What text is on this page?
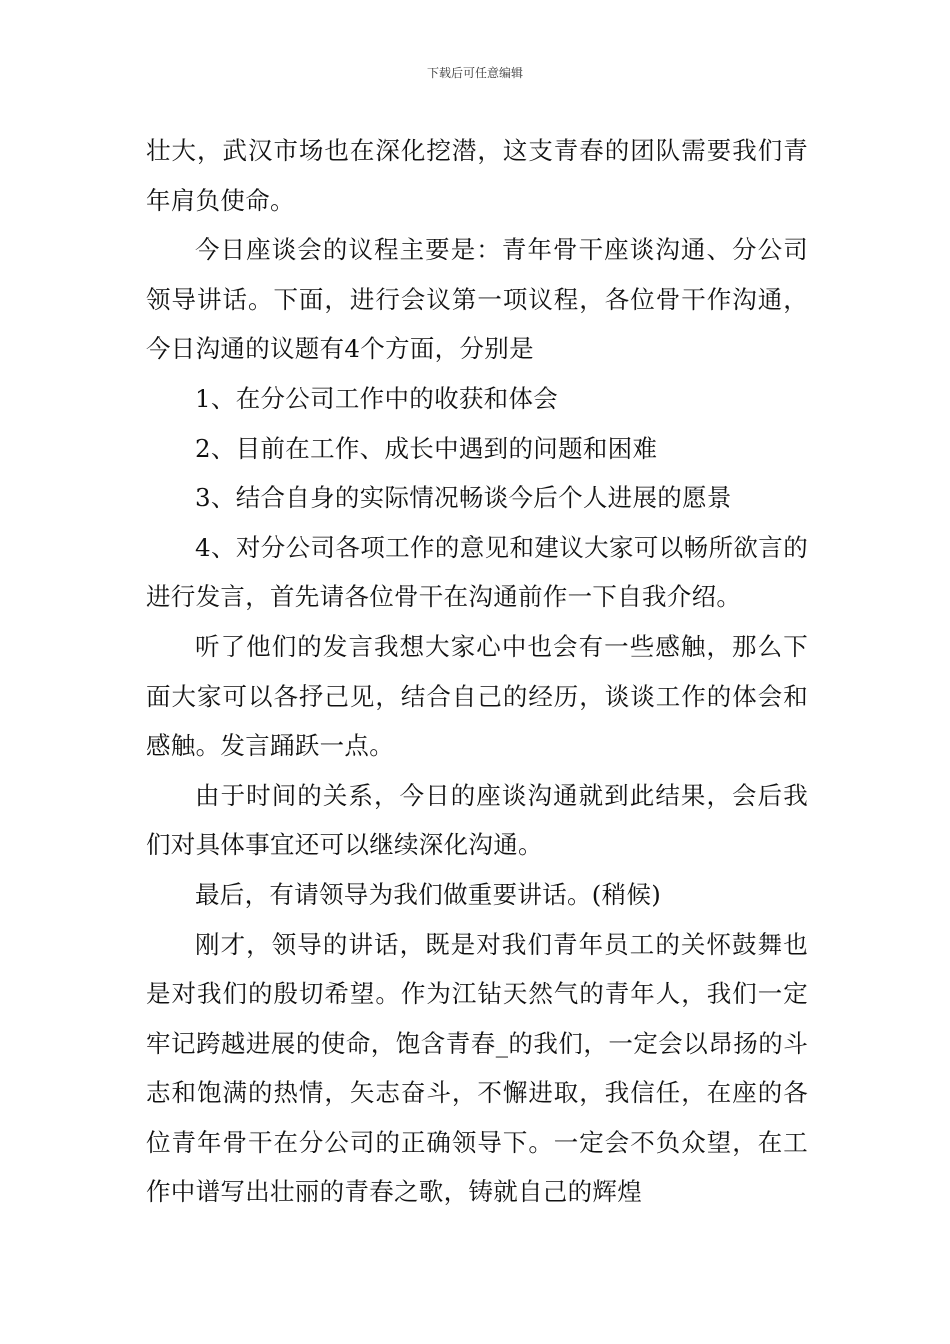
下载后可任意编辑

壮大，武汉市场也在深化挖潜，这支青春的团队需要我们青年肩负使命。

今日座谈会的议程主要是：青年骨干座谈沟通、分公司领导讲话。下面，进行会议第一项议程，各位骨干作沟通，今日沟通的议题有4个方面，分别是

1、在分公司工作中的收获和体会

2、目前在工作、成长中遇到的问题和困难

3、结合自身的实际情况畅谈今后个人进展的愿景

4、对分公司各项工作的意见和建议大家可以畅所欲言的进行发言，首先请各位骨干在沟通前作一下自我介绍。

听了他们的发言我想大家心中也会有一些感触，那么下面大家可以各抒己见，结合自己的经历，谈谈工作的体会和感触。发言踊跃一点。

由于时间的关系，今日的座谈沟通就到此结果，会后我们对具体事宜还可以继续深化沟通。

最后，有请领导为我们做重要讲话。(稍候)

刚才，领导的讲话，既是对我们青年员工的关怀鼓舞也是对我们的殷切希望。作为江钻天然气的青年人，我们一定牢记跨越进展的使命，饱含青春_的我们，一定会以昂扬的斗志和饱满的热情，矢志奋斗，不懈进取，我信任，在座的各位青年骨干在分公司的正确领导下。一定会不负众望，在工作中谱写出壮丽的青春之歌，铸就自己的辉煌
